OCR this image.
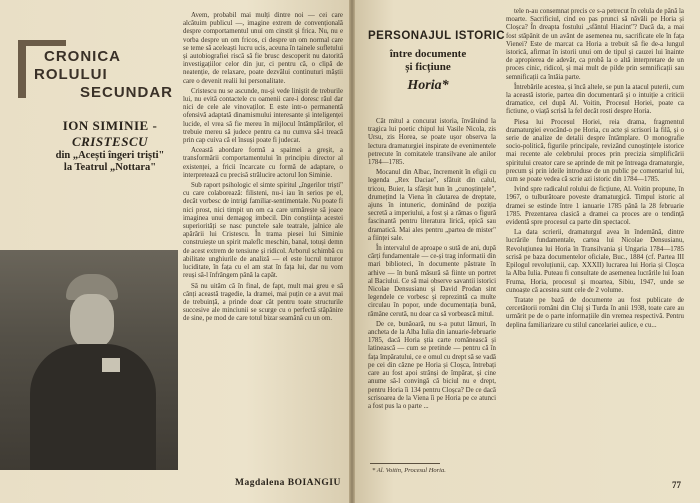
CRONICA
ROLULUI
SECUNDAR
ION SIMINIE -
CRISTESCU
din „Acești îngeri triști"
la Teatrul „Nottara"

Avem, probabil mai mulți dintre noi — cei care alcătuim publicul —, imagine extrem de convențională despre comportamentul unui om cinstit și frica. Nu, nu e vorba despre un om fricos, ci despre un om normal care se teme să aceleaști lucru ucis, aceuna în tainele sufletului și autobiografiei riscă să fie brusc descoperit nu datorită investigațiilor celor din jur, ci pentru că, o clipă de neatenție, de relaxare, poate dezvălui continuturi măștii care o devenit realii lui personalitate.

Cristescu nu se ascunde, nu-și vede liniștit de treburile lui, nu evită contactele cu oamenii care-i doresc răul dar nici de cele ale vinovaților. E este intr-o permanentă ofensivă adaptată dinamismului interesante și inteligenței lucide, el vrea să fie mereu în mijlocul întâmplărilor, el trebuie mereu să judece pentru ca nu cumva să-i treacă prin cap cuiva că el însuși poate fi judecat.

Această abordare formă a spaimei a greșit, a transformării comportamentului în principiu director al existenței, a fricii încarcate cu formă de adaptare, o interpretează cu precisă strălucire actorul Ion Siminie.

Sub raport psihologic el simte spiritul „îngerilor triști" cu care colaborează: filisteni, nu-i iau în serios pe el, decât vorbesc de intrigi familiar-sentimentale. Nu poate fi nici prost, nici timpit un om ca care urmărește să joace imaginea unui demagog imbecil. Din conștiința acestei superiorități se nasc punctele sale teatrale, jalnice ale apărării lui Cristescu. În trama piesei lui Siminie construiește un spirit maleflc meschin, banal, totuși demn de acest extrem de tensiune și ridicol. Arborul schimbă cu abilitate unghiurile de analiză — el este lucrul tuturor luciditate, în fața cu el am stat în fața lui, dar nu vom reuși să-l înfrângem până la capăt.

Să nu uităm că în final, de fapt, mult mai greu e să cânți această tragedie, la dramei, mai puțin ce a avut mai de trebuință, a prinde doar cât pentru toate structurile succesive ale minciunii se scurge cu o perfectă stăpânire de sine, pe mod de care totul bizar seamănă cu un om.

Magdalena BOIANGIU
PERSONAJUL ISTORIC
între documente
și ficțiune
Horia*

Cât mitul a concurat istoria, învăluind la tragica lui poetic chipul lui Vasile Nicola, zis Ursu, zis Horea, se poate ușor observa la lectura dramaturgiei inspirate de evenimentele petrecute în comitatele transilvane ale anilor 1784—1785.

Mocanul din Albac, încremenit în efigii cu legenda „Rex Daciae", sfătuit din calul, tricou, Buier, la sfârșit hun în „cunoștințele", drumețind la Viena în căutarea de dreptate, ajuns în intuneric, dominând de poziția secretă a imperiului, a fost și a rămas o figură fascinantă pentru literatura lirică, epică sau dramatică. Mai ales pentru „partea de mister" a ființei sale.

În intervalul de aproape o sută de ani, după cărți fundamentale — ce-și trag informatii din mari biblioteci, în documente păstrate în arhive — în bună măsură să fiinte un portret al Baciului. Ce să mai observe savantii istorici Nicolae Densusianu și David Prodan sint legendele ce vorbesc și reprezintă ca multe circulau în popor, unde documentația bună, rămâne cerută, nu doar ca să vorbească mitul.

De ce, bunăoară, nu s-a putut lămuri, în ancheta de la Alba Iulia din ianuarie-februarie 1785, dacă Horia știa carte românească și latinească — cum se pretinde — pentru că în fața împăratului, ce e omul cu drept să se vadă pe cei din căzne pe Horia și Cloșca, întrebați care au fost apoi strânși de împărat, și cine anume să-l convingă că biciul nu e drept, pentru Horia îi 134 pentru Cloșca? De ce dacă scrisoarea de la Viena îi pe Horia pe ce atunci a fost pus la o parte ...

tele n-au consemnat precis ce s-a petrecut în celula de până la moarte. Sacrificiul, cind eo pas prunci să năvăli pe Horia și Cloșca? În dreapta fostului „sfântul Hiacint"? Dacă da, a mai fost stăpânit de un avânt de asemenea nu, sacrificate ele în fața Vienei? Este de marcat ca Horia a trebuit să fie de-a lungul istorică, afirmat în istorii unui om de tipul și cauzei lui înainte de apropierea de adevăr, ca probă la o altă interpretare de un proces cinic, ridicol, și mai mult de pilde prin semnificații sau semnificații ca întâia parte.

Întrebările acestea, și încă altele, se pun la atacul puterii, cum la această istorie, partea din documentară și o intuiție a criticii dramatice, cel după Al. Voitin, Procesul Horiei, poate ca fictiune, o viață scrisă la fel decât rosti despre Horia.

Piesa lui Procesul Horiei, reia drama, fragmentul dramaturgiei evocând-o pe Horia, cu acte și scrisori la filă, și o serie de analize de detalii despre întâmplare. O monografie socio-politică, figurile principale, revizând cunoștințele istorice mai recente ale celebrului proces prin precizia simplificării spiritului creator care se aprinde de mit pe întreaga dramaturgie, precum și prin ideile introduse de un public pe comentariul lui, cum se poate vedea că scrie azi istoric din 1784—1785.

Ivind spre radicalul rolului de ficțiune, Al. Voitin propune, în 1967, o tulburătoare poveste dramaturgică. Timpul istoric al dramei se estinde între 1 ianuarie 1785 până la 28 februarie 1785. Prezentarea clasică a dramei ca proces are o tendință evidentă spre procesul ca parte din spectacol.

La data scrierii, dramaturgul avea în îndemână, dintre lucrările fundamentale, cartea lui Nicolae Densusianu, Revoluțiunea lui Horia în Transilvania și Ungaria 1784—1785 scrisă pe baza documentelor oficiale, Buc., 1884 (cf. Partea III Epilogul revoluțiunii, cap. XXXII) lucrarea lui Horia și Cloșca la Alba Iulia. Puteau fi consultate de asemenea lucrările lui Ioan Fruma, Horia, procesul și moartea, Sibiu, 1947, unde se cunoaște că acestea sunt cele de 2 volume.

Tratate pe bază de documente au fost publicate de cercetătorii români din Cluj și Turda în anii 1938, toate care au urmărit pe de o parte informațiile din vremea respectivă. Pentru deplina familiarizare cu stilul cancelariei aulice, e cu...

* Al. Voitin, Procesul Horia.
77
